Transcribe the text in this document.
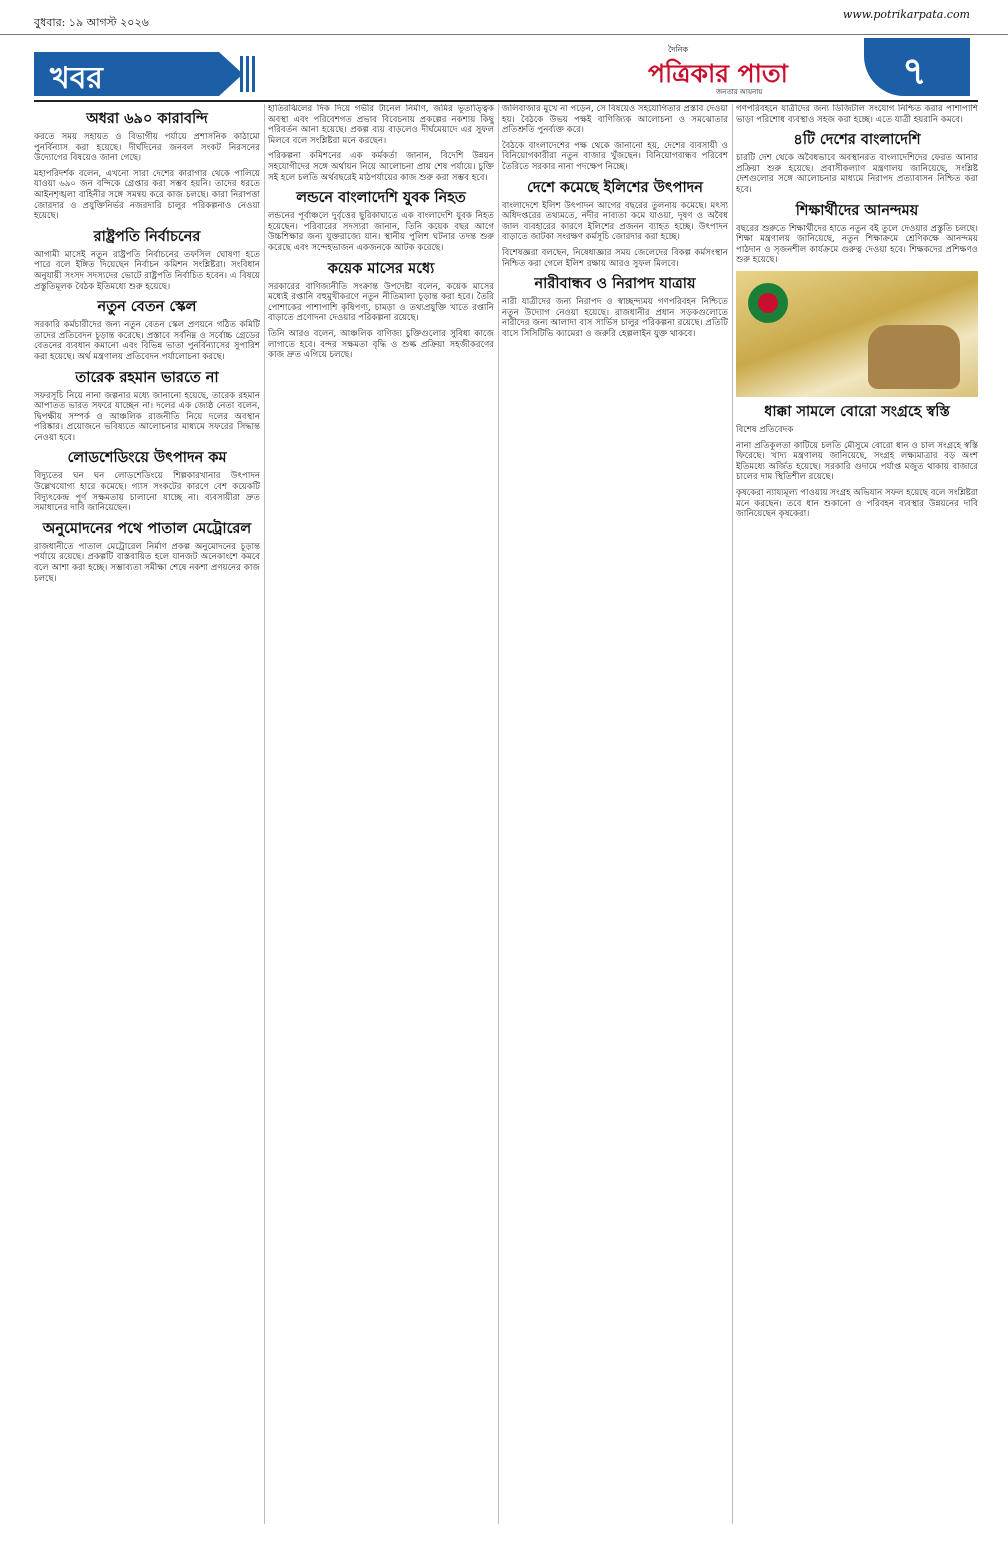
বুধবার: ১৯ আগস্ট ২০২৬
www.potrikarpata.com
খবর
দৈনিক
পত্রিকার পাতা
জনতার আয়নায়	৭
অধরা ৬৯০ কারাবন্দি

করতে সময় সহায়ত ও বিভাগীয় পর্যায়ে প্রশাসনিক কাঠামো পুনর্বিন্যাস করা হয়েছে। দীর্ঘদিনের জনবল সংকট নিরসনের উদ্যোগের বিষয়েও জানা গেছে।

মহাপরিদর্শক বলেন, এখনো সারা দেশের কারাগার থেকে পালিয়ে যাওয়া ৬৯০ জন বন্দিকে গ্রেপ্তার করা সম্ভব হয়নি। তাদের ধরতে আইনশৃঙ্খলা বাহিনীর সঙ্গে সমন্বয় করে কাজ চলছে। কারা নিরাপত্তা জোরদার ও প্রযুক্তিনির্ভর নজরদারি চালুর পরিকল্পনাও নেওয়া হয়েছে।

রাষ্ট্রপতি নির্বাচনের

আগামী মাসেই নতুন রাষ্ট্রপতি নির্বাচনের তফসিল ঘোষণা হতে পারে বলে ইঙ্গিত দিয়েছেন নির্বাচন কমিশন সংশ্লিষ্টরা। সংবিধান অনুযায়ী সংসদ সদস্যদের ভোটে রাষ্ট্রপতি নির্বাচিত হবেন। এ বিষয়ে প্রস্তুতিমূলক বৈঠক ইতিমধ্যে শুরু হয়েছে।

নতুন বেতন স্কেল

সরকারি কর্মচারীদের জন্য নতুন বেতন স্কেল প্রণয়নে গঠিত কমিটি তাদের প্রতিবেদন চূড়ান্ত করেছে। প্রস্তাবে সর্বনিম্ন ও সর্বোচ্চ গ্রেডের বেতনের ব্যবধান কমানো এবং বিভিন্ন ভাতা পুনর্বিন্যাসের সুপারিশ করা হয়েছে। অর্থ মন্ত্রণালয় প্রতিবেদন পর্যালোচনা করছে।

তারেক রহমান ভারতে না

সফরসূচি নিয়ে নানা জল্পনার মধ্যে জানানো হয়েছে, তারেক রহমান আপাতত ভারত সফরে যাচ্ছেন না। দলের এক জ্যেষ্ঠ নেতা বলেন, দ্বিপক্ষীয় সম্পর্ক ও আঞ্চলিক রাজনীতি নিয়ে দলের অবস্থান পরিষ্কার। প্রয়োজনে ভবিষ্যতে আলোচনার মাধ্যমে সফরের সিদ্ধান্ত নেওয়া হবে।

লোডশেডিংয়ে উৎপাদন কম

বিদ্যুতের ঘন ঘন লোডশেডিংয়ে শিল্পকারখানার উৎপাদন উল্লেখযোগ্য হারে কমেছে। গ্যাস সংকটের কারণে বেশ কয়েকটি বিদ্যুৎকেন্দ্র পূর্ণ সক্ষমতায় চালানো যাচ্ছে না। ব্যবসায়ীরা দ্রুত সমাধানের দাবি জানিয়েছেন।

অনুমোদনের পথে পাতাল মেট্রোরেল

রাজধানীতে পাতাল মেট্রোরেল নির্মাণ প্রকল্প অনুমোদনের চূড়ান্ত পর্যায়ে রয়েছে। প্রকল্পটি বাস্তবায়িত হলে যানজট অনেকাংশে কমবে বলে আশা করা হচ্ছে। সম্ভাব্যতা সমীক্ষা শেষে নকশা প্রণয়নের কাজ চলছে।

হাতিরঝিলের দিক দিয়ে গভীর টানেল নির্মাণ, জমির ভূতাত্ত্বিক অবস্থা এবং পরিবেশগত প্রভাব বিবেচনায় প্রকল্পের নকশায় কিছু পরিবর্তন আনা হয়েছে। প্রকল্প ব্যয় বাড়লেও দীর্ঘমেয়াদে এর সুফল মিলবে বলে সংশ্লিষ্টরা মনে করছেন।

পরিকল্পনা কমিশনের এক কর্মকর্তা জানান, বিদেশি উন্নয়ন সহযোগীদের সঙ্গে অর্থায়ন নিয়ে আলোচনা প্রায় শেষ পর্যায়ে। চুক্তি সই হলে চলতি অর্থবছরেই মাঠপর্যায়ের কাজ শুরু করা সম্ভব হবে।

লন্ডনে বাংলাদেশি যুবক নিহত

লন্ডনের পূর্বাঞ্চলে দুর্বৃত্তের ছুরিকাঘাতে এক বাংলাদেশি যুবক নিহত হয়েছেন। পরিবারের সদস্যরা জানান, তিনি কয়েক বছর আগে উচ্চশিক্ষার জন্য যুক্তরাজ্যে যান। স্থানীয় পুলিশ ঘটনার তদন্ত শুরু করেছে এবং সন্দেহভাজন একজনকে আটক করেছে।

কয়েক মাসের মধ্যে

সরকারের বাণিজ্যনীতি সংক্রান্ত উপদেষ্টা বলেন, কয়েক মাসের মধ্যেই রপ্তানি বহুমুখীকরণে নতুন নীতিমালা চূড়ান্ত করা হবে। তৈরি পোশাকের পাশাপাশি কৃষিপণ্য, চামড়া ও তথ্যপ্রযুক্তি খাতে রপ্তানি বাড়াতে প্রণোদনা দেওয়ার পরিকল্পনা রয়েছে।

তিনি আরও বলেন, আঞ্চলিক বাণিজ্য চুক্তিগুলোর সুবিধা কাজে লাগাতে হবে। বন্দর সক্ষমতা বৃদ্ধি ও শুল্ক প্রক্রিয়া সহজীকরণের কাজ দ্রুত এগিয়ে চলছে।

জলিবাজার মুখে না পড়েন, সে বিষয়েও সহযোগিতার প্রস্তাব দেওয়া হয়। বৈঠকে উভয় পক্ষই বাণিজ্যিক আলোচনা ও সমঝোতার প্রতিশ্রুতি পুনর্ব্যক্ত করে।

বৈঠকে বাংলাদেশের পক্ষ থেকে জানানো হয়, দেশের ব্যবসায়ী ও বিনিয়োগকারীরা নতুন বাজার খুঁজছেন। বিনিয়োগবান্ধব পরিবেশ তৈরিতে সরকার নানা পদক্ষেপ নিচ্ছে।

দেশে কমেছে ইলিশের উৎপাদন

বাংলাদেশে ইলিশ উৎপাদন আগের বছরের তুলনায় কমেছে। মৎস্য অধিদপ্তরের তথ্যমতে, নদীর নাব্যতা কমে যাওয়া, দূষণ ও অবৈধ জাল ব্যবহারের কারণে ইলিশের প্রজনন ব্যাহত হচ্ছে। উৎপাদন বাড়াতে জাটকা সংরক্ষণ কর্মসূচি জোরদার করা হচ্ছে।

বিশেষজ্ঞরা বলছেন, নিষেধাজ্ঞার সময় জেলেদের বিকল্প কর্মসংস্থান নিশ্চিত করা গেলে ইলিশ রক্ষায় আরও সুফল মিলবে।

নারীবান্ধব ও নিরাপদ যাত্রায়

নারী যাত্রীদের জন্য নিরাপদ ও স্বাচ্ছন্দ্যময় গণপরিবহন নিশ্চিতে নতুন উদ্যোগ নেওয়া হয়েছে। রাজধানীর প্রধান সড়কগুলোতে নারীদের জন্য আলাদা বাস সার্ভিস চালুর পরিকল্পনা রয়েছে। প্রতিটি বাসে সিসিটিভি ক্যামেরা ও জরুরি হেল্পলাইন যুক্ত থাকবে।

গণপরিবহনে যাত্রীদের জন্য ডিজিটাল সংযোগ নিশ্চিত করার পাশাপাশি ভাড়া পরিশোধ ব্যবস্থাও সহজ করা হচ্ছে। এতে যাত্রী হয়রানি কমবে।

৪টি দেশের বাংলাদেশি

চারটি দেশ থেকে অবৈধভাবে অবস্থানরত বাংলাদেশিদের ফেরত আনার প্রক্রিয়া শুরু হয়েছে। প্রবাসীকল্যাণ মন্ত্রণালয় জানিয়েছে, সংশ্লিষ্ট দেশগুলোর সঙ্গে আলোচনার মাধ্যমে নিরাপদ প্রত্যাবাসন নিশ্চিত করা হবে।

শিক্ষার্থীদের আনন্দময়

বছরের শুরুতে শিক্ষার্থীদের হাতে নতুন বই তুলে দেওয়ার প্রস্তুতি চলছে। শিক্ষা মন্ত্রণালয় জানিয়েছে, নতুন শিক্ষাক্রমে শ্রেণিকক্ষে আনন্দময় পাঠদান ও সৃজনশীল কার্যক্রমে গুরুত্ব দেওয়া হবে। শিক্ষকদের প্রশিক্ষণও শুরু হয়েছে।

ধাক্কা সামলে বোরো সংগ্রহে স্বস্তি

বিশেষ প্রতিবেদক

নানা প্রতিকূলতা কাটিয়ে চলতি মৌসুমে বোরো ধান ও চাল সংগ্রহে স্বস্তি ফিরেছে। খাদ্য মন্ত্রণালয় জানিয়েছে, সংগ্রহ লক্ষ্যমাত্রার বড় অংশ ইতিমধ্যে অর্জিত হয়েছে। সরকারি গুদামে পর্যাপ্ত মজুত থাকায় বাজারে চালের দাম স্থিতিশীল রয়েছে।

কৃষকেরা ন্যায্যমূল্য পাওয়ায় সংগ্রহ অভিযান সফল হয়েছে বলে সংশ্লিষ্টরা মনে করছেন। তবে ধান শুকানো ও পরিবহন ব্যবস্থার উন্নয়নের দাবি জানিয়েছেন কৃষকেরা।
